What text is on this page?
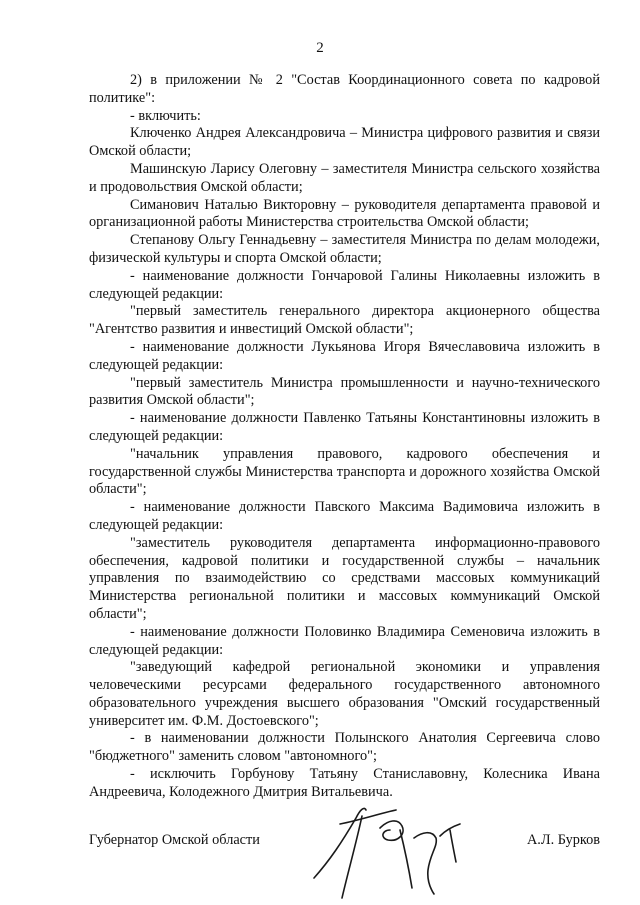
2

2) в приложении № 2 "Состав Координационного совета по кадровой политике":

- включить:

Ключенко Андрея Александровича – Министра цифрового развития и связи Омской области;

Машинскую Ларису Олеговну – заместителя Министра сельского хозяйства и продовольствия Омской области;

Симанович Наталью Викторовну – руководителя департамента правовой и организационной работы Министерства строительства Омской области;

Степанову Ольгу Геннадьевну – заместителя Министра по делам молодежи, физической культуры и спорта Омской области;

- наименование должности Гончаровой Галины Николаевны изложить в следующей редакции:

"первый заместитель генерального директора акционерного общества "Агентство развития и инвестиций Омской области";

- наименование должности Лукьянова Игоря Вячеславовича изложить в следующей редакции:

"первый заместитель Министра промышленности и научно-технического развития Омской области";

- наименование должности Павленко Татьяны Константиновны изложить в следующей редакции:

"начальник управления правового, кадрового обеспечения и государственной службы Министерства транспорта и дорожного хозяйства Омской области";

- наименование должности Павского Максима Вадимовича изложить в следующей редакции:

"заместитель руководителя департамента информационно-правового обеспечения, кадровой политики и государственной службы – начальник управления по взаимодействию со средствами массовых коммуникаций Министерства региональной политики и массовых коммуникаций Омской области";

- наименование должности Половинко Владимира Семеновича изложить в следующей редакции:

"заведующий кафедрой региональной экономики и управления человеческими ресурсами федерального государственного автономного образовательного учреждения высшего образования "Омский государственный университет им. Ф.М. Достоевского";

- в наименовании должности Полынского Анатолия Сергеевича слово "бюджетного" заменить словом "автономного";

- исключить Горбунову Татьяну Станиславовну, Колесника Ивана Андреевича, Колодежного Дмитрия Витальевича.

Губернатор Омской области	А.Л. Бурков
